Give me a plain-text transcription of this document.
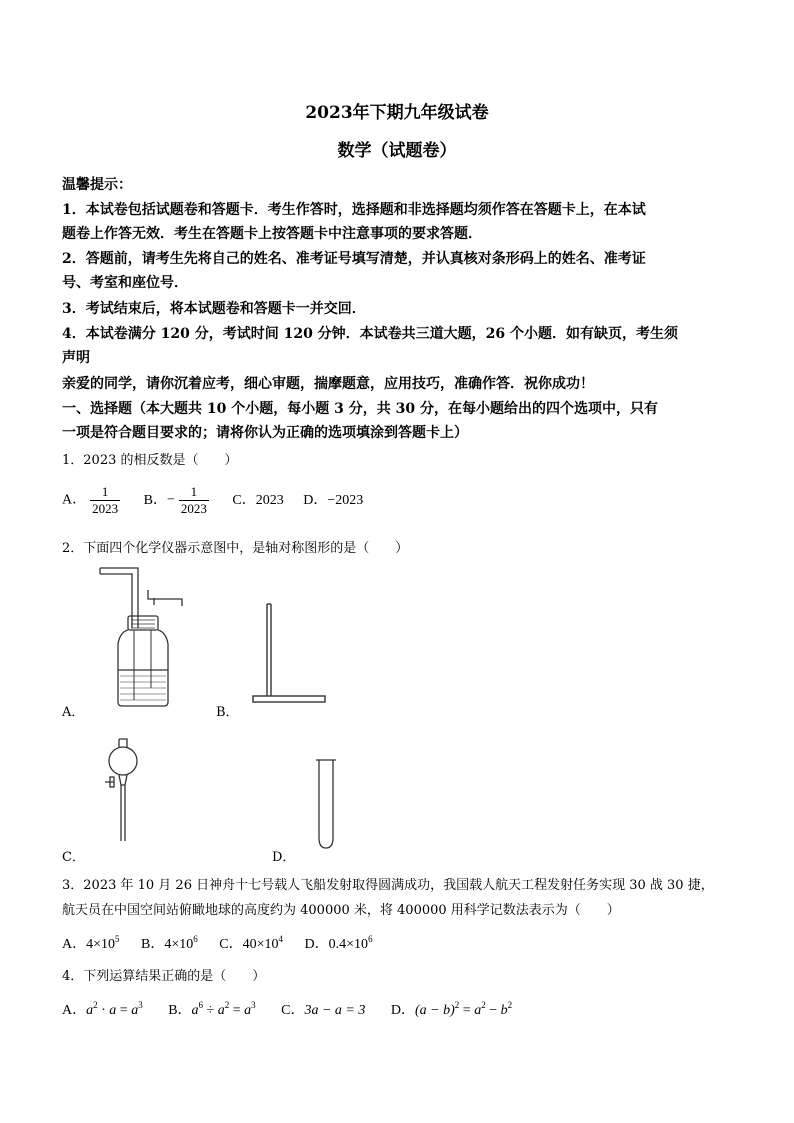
2023年下期九年级试卷
数学（试题卷）
温馨提示：
1．本试卷包括试题卷和答题卡．考生作答时，选择题和非选择题均须作答在答题卡上，在本试
题卷上作答无效．考生在答题卡上按答题卡中注意事项的要求答题．
2．答题前，请考生先将自己的姓名、准考证号填写清楚，并认真核对条形码上的姓名、准考证
号、考室和座位号．
3．考试结束后，将本试题卷和答题卡一并交回．
4．本试卷满分 120 分，考试时间 120 分钟．本试卷共三道大题，26 个小题．如有缺页，考生须
声明
亲爱的同学，请你沉着应考，细心审题，揣摩题意，应用技巧，准确作答．祝你成功！
一、选择题（本大题共 10 个小题，每小题 3 分，共 30 分，在每小题给出的四个选项中，只有
一项是符合题目要求的；请将你认为正确的选项填涂到答题卡上）
1．2023 的相反数是（　　）
A． $\frac{1}{2023}$ B．− $\frac{1}{2023}$ C．2023 D．−2023
2．下面四个化学仪器示意图中，是轴对称图形的是（　　）
A．	B．
C．	D．
3．2023 年 10 月 26 日神舟十七号载人飞船发射取得圆满成功，我国载人航天工程发射任务实现 30 战 30 捷，
航天员在中国空间站俯瞰地球的高度约为 400000 米，将 400000 用科学记数法表示为（　　）
A．$4\times 10^5$ B．$4\times 10^6$ C．$40\times 10^4$ D．$0.4\times 10^6$
4．下列运算结果正确的是（　　）
A．$a^2 \cdot a = a^3$ B．$a^6 \div a^2 = a^3$ C．3a − a = 3 D．$(a - b)^2 = a^2 - b^2$
